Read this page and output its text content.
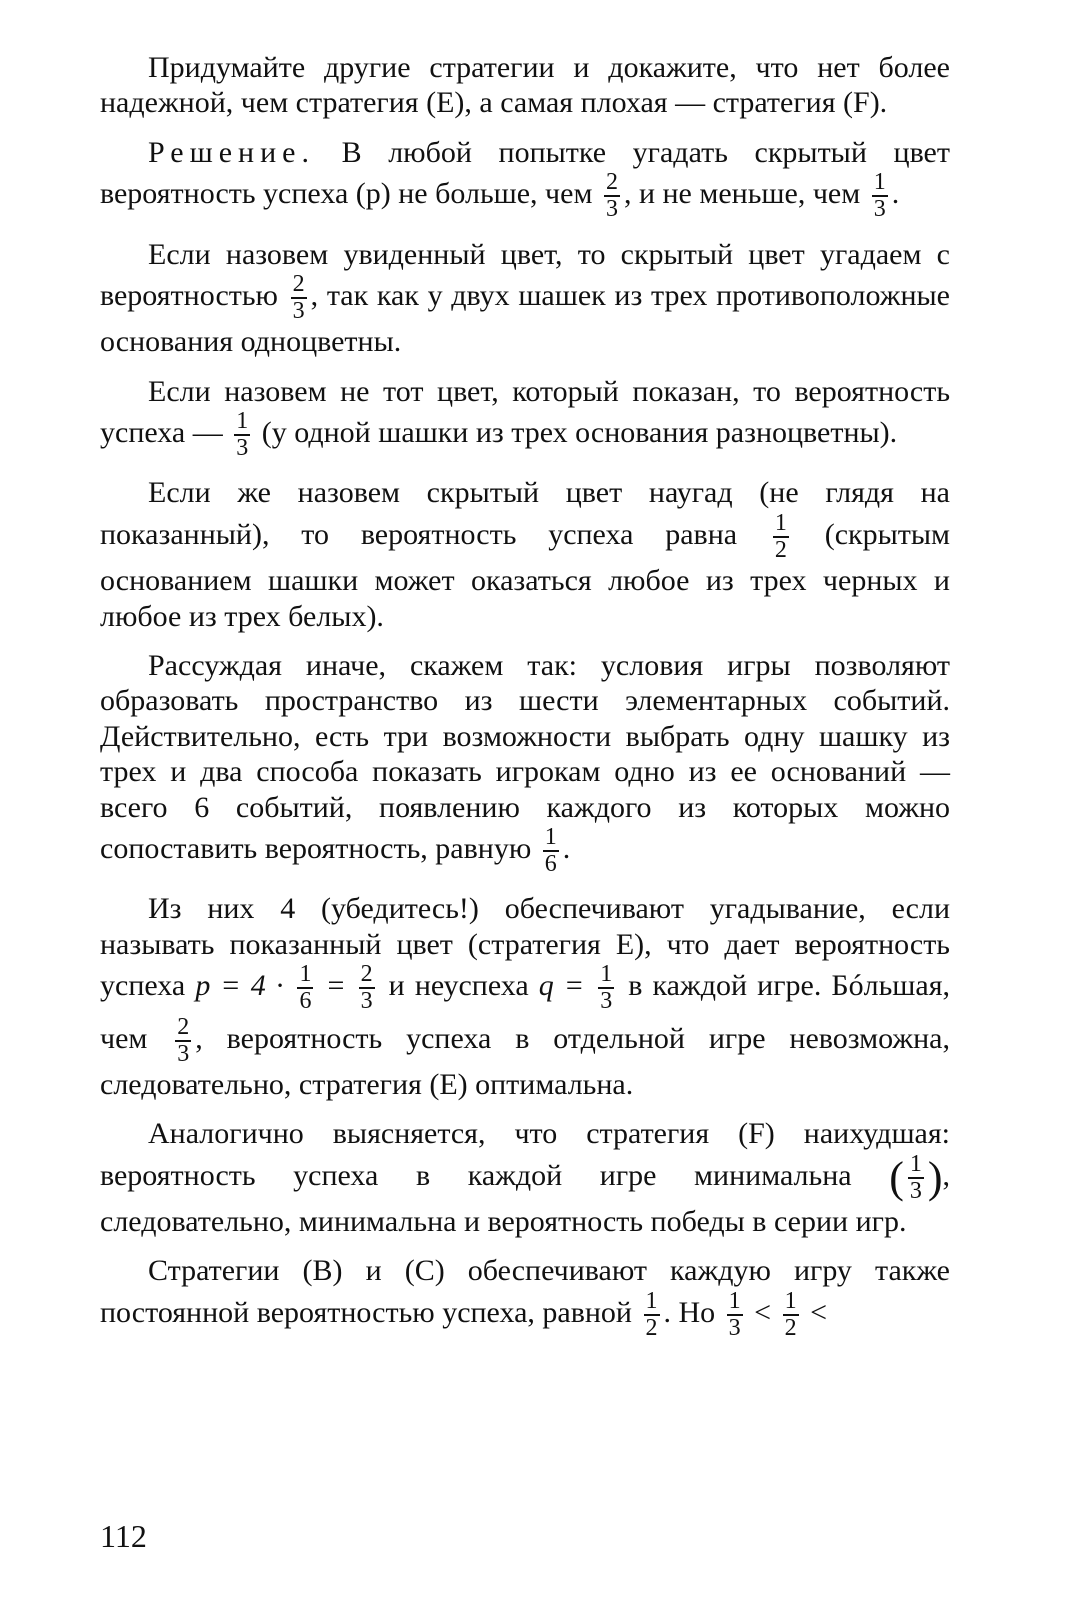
Придумайте другие стратегии и докажите, что нет более надежной, чем стратегия (E), а самая плохая — стратегия (F).

Решение. В любой попытке угадать скрытый цвет вероятность успеха (p) не больше, чем $\frac{2}{3}$ , и не меньше, чем $\frac{1}{3}$ .

Если назовем увиденный цвет, то скрытый цвет угадаем с вероятностью $\frac{2}{3}$ , так как у двух шашек из трех противоположные основания одноцветны.

Если назовем не тот цвет, который показан, то вероятность успеха — $\frac{1}{3} (у$ одной шашки из трех основания разноцветны).

Если же назовем скрытый цвет наугад (не глядя на показанный), то вероятность успеха равна $\frac{1}{2}$ (скрытым основанием шашки может оказаться любое из трех черных и любое из трех белых).

Рассуждая иначе, скажем так: условия игры позволяют образовать пространство из шести элементарных событий. Действительно, есть три возможности выбрать одну шашку из трех и два способа показать игрокам одно из ее оснований — всего 6 событий, появлению каждого из которых можно сопоставить вероятность, равную $\frac{1}{6}$ .

Из них 4 (убедитесь!) обеспечивают угадывание, если называть показанный цвет (стратегия E), что дает вероятность успеха $p = 4 \cdot \frac{1}{6} = \frac{2}{3}$ и неуспеха $q = \frac{1}{3}$ в каждой игре. Бóльшая, чем $\frac{2}{3}$ , вероятность успеха в отдельной игре невозможна, следовательно, стратегия (E) оптимальна.

Аналогично выясняется, что стратегия (F) наихудшая: вероятность успеха в каждой игре минимальна ( $\frac{1}{3}$ ), следовательно, минимальна и вероятность победы в серии игр.

Стратегии (B) и (C) обеспечивают каждую игру также постоянной вероятностью успеха, равной $\frac{1}{2}$ . Но $\frac{1}{3} < \frac{1}{2}$ <

112
